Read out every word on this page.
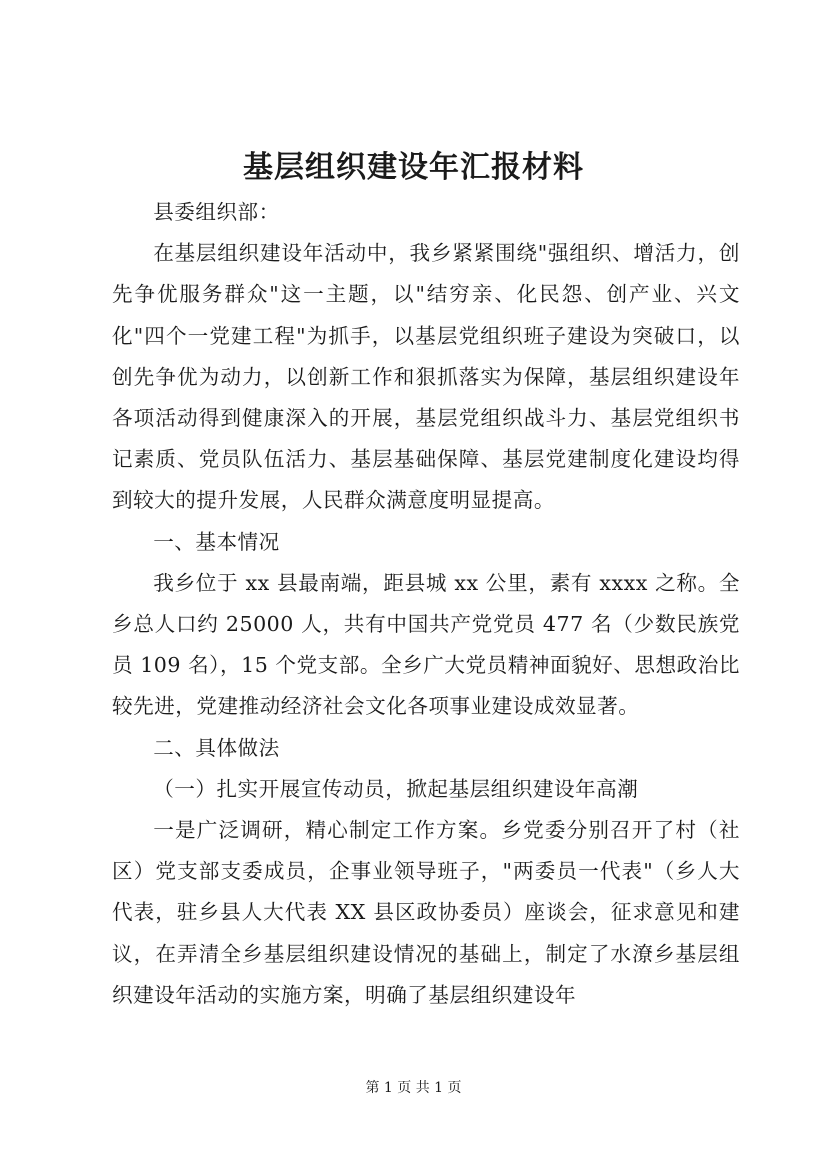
基层组织建设年汇报材料

县委组织部：

在基层组织建设年活动中，我乡紧紧围绕"强组织、增活力，创先争优服务群众"这一主题，以"结穷亲、化民怨、创产业、兴文化"四个一党建工程"为抓手，以基层党组织班子建设为突破口，以创先争优为动力，以创新工作和狠抓落实为保障，基层组织建设年各项活动得到健康深入的开展，基层党组织战斗力、基层党组织书记素质、党员队伍活力、基层基础保障、基层党建制度化建设均得到较大的提升发展，人民群众满意度明显提高。

一、基本情况

我乡位于 xx 县最南端，距县城 xx 公里，素有 xxxx 之称。全乡总人口约 25000 人，共有中国共产党党员 477 名（少数民族党员 109 名），15 个党支部。全乡广大党员精神面貌好、思想政治比较先进，党建推动经济社会文化各项事业建设成效显著。

二、具体做法

（一）扎实开展宣传动员，掀起基层组织建设年高潮

一是广泛调研，精心制定工作方案。乡党委分别召开了村（社区）党支部支委成员，企事业领导班子，"两委员一代表"（乡人大代表，驻乡县人大代表 XX 县区政协委员）座谈会，征求意见和建议，在弄清全乡基层组织建设情况的基础上，制定了水潦乡基层组织建设年活动的实施方案，明确了基层组织建设年

第 1 页 共 1 页
